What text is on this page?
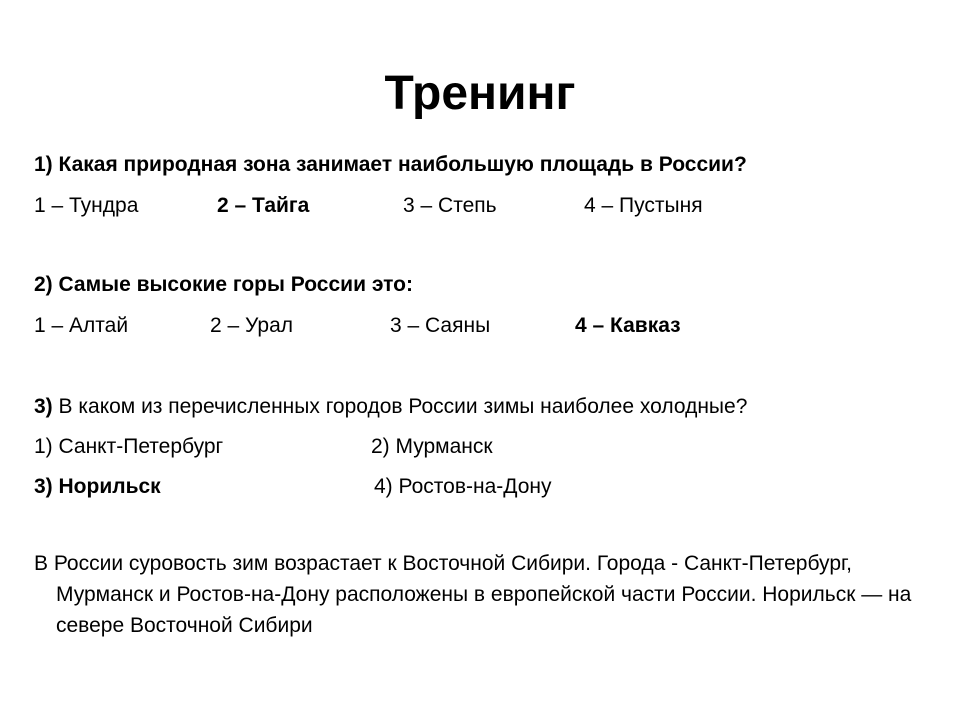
Тренинг
1) Какая природная зона занимает наибольшую площадь в России?
1 – Тундра	2 – Тайга	3 – Степь	4 – Пустыня
2) Самые высокие горы России это:
1 – Алтай	2 – Урал	3 – Саяны	4 – Кавказ
3) В каком из перечисленных городов России зимы наиболее холодные?
1) Санкт-Петербург	2) Мурманск
3) Норильск	4) Ростов-на-Дону
В России суровость зим возрастает к Восточной Сибири. Города - Санкт-Петербург, Мурманск и Ростов-на-Дону расположены в европейской части России. Норильск — на севере Восточной Сибири
